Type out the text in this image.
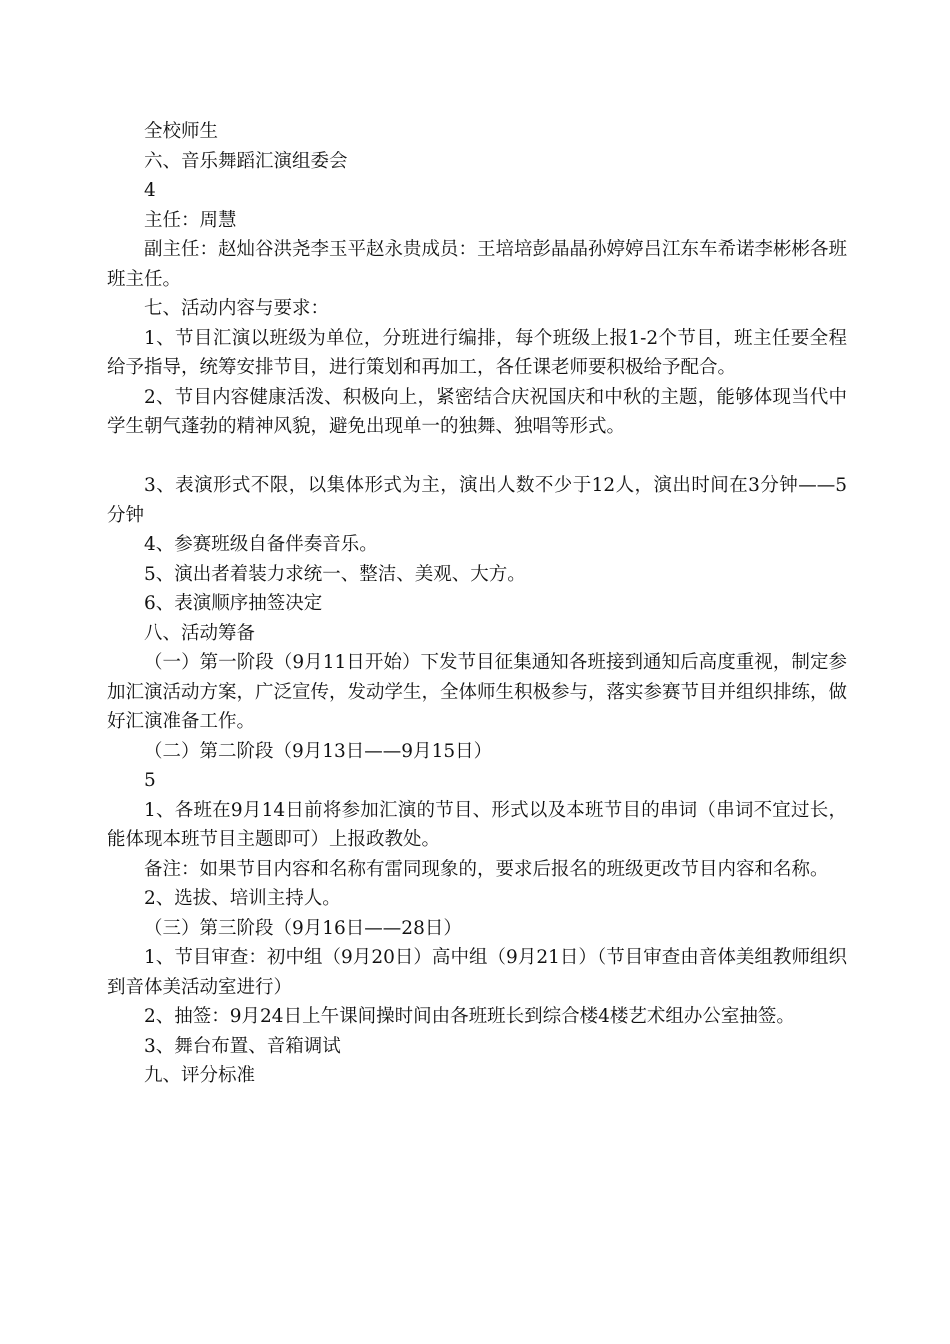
全校师生

六、音乐舞蹈汇演组委会

4

主任：周慧

副主任：赵灿谷洪尧李玉平赵永贵成员：王培培彭晶晶孙婷婷吕江东车希诺李彬彬各班班主任。

七、活动内容与要求：

1、节目汇演以班级为单位，分班进行编排，每个班级上报1-2个节目，班主任要全程给予指导，统筹安排节目，进行策划和再加工，各任课老师要积极给予配合。

2、节目内容健康活泼、积极向上，紧密结合庆祝国庆和中秋的主题，能够体现当代中学生朝气蓬勃的精神风貌，避免出现单一的独舞、独唱等形式。

3、表演形式不限，以集体形式为主，演出人数不少于12人，演出时间在3分钟——5分钟

4、参赛班级自备伴奏音乐。

5、演出者着装力求统一、整洁、美观、大方。

6、表演顺序抽签决定

八、活动筹备

（一）第一阶段（9月11日开始）下发节目征集通知各班接到通知后高度重视，制定参加汇演活动方案，广泛宣传，发动学生，全体师生积极参与，落实参赛节目并组织排练，做好汇演准备工作。

（二）第二阶段（9月13日——9月15日）

5

1、各班在9月14日前将参加汇演的节目、形式以及本班节目的串词（串词不宜过长，能体现本班节目主题即可）上报政教处。

备注：如果节目内容和名称有雷同现象的，要求后报名的班级更改节目内容和名称。

2、选拔、培训主持人。

（三）第三阶段（9月16日——28日）

1、节目审查：初中组（9月20日）高中组（9月21日）（节目审查由音体美组教师组织到音体美活动室进行）

2、抽签：9月24日上午课间操时间由各班班长到综合楼4楼艺术组办公室抽签。

3、舞台布置、音箱调试

九、评分标准
